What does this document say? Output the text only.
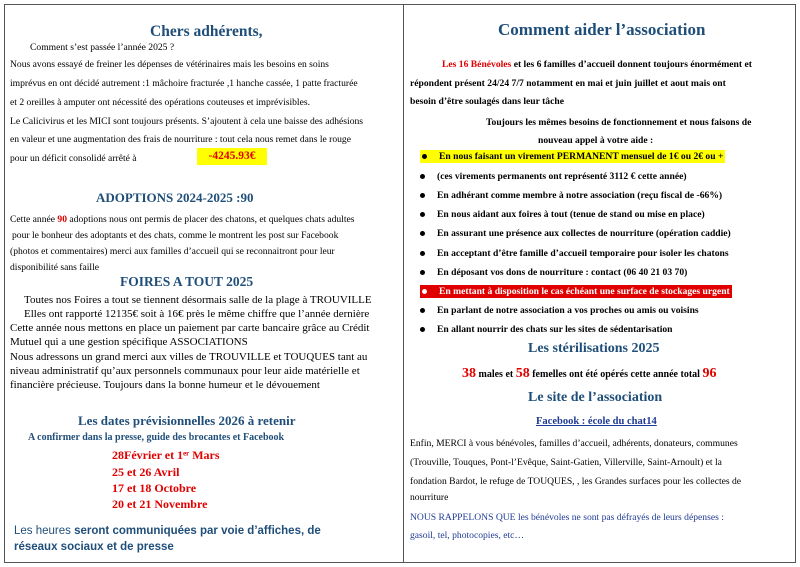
Chers adhérents,
Comment s’est passée l’année 2025 ?
Nous avons essayé de freiner les dépenses de vétérinaires mais les besoins en soins
imprévus en ont décidé autrement :1 mâchoire fracturée ,1 hanche cassée, 1 patte fracturée
et 2 oreilles à amputer ont nécessité des opérations couteuses et imprévisibles.
Le Calicivirus et les MICI sont toujours présents. S’ajoutent à cela une baisse des adhésions
en valeur et une augmentation des frais de nourriture : tout cela nous remet dans le rouge
pour un déficit consolidé arrêté à	-4245.93€
ADOPTIONS 2024-2025 :90
Cette année 90 adoptions nous ont permis de placer des chatons, et quelques chats adultes
pour le bonheur des adoptants et des chats, comme le montrent les post sur Facebook
(photos et commentaires) merci aux familles d’accueil qui se reconnaitront pour leur
disponibilité sans faille
FOIRES A TOUT 2025
Toutes nos Foires a tout se tiennent désormais salle de la plage à TROUVILLE
Elles ont rapporté 12135€ soit à 16€ près le même chiffre que l’année dernière
Cette année nous mettons en place un paiement par carte bancaire grâce au Crédit
Mutuel qui a une gestion spécifique ASSOCIATIONS
Nous adressons un grand merci aux villes de TROUVILLE et TOUQUES tant au
niveau administratif qu’aux personnels communaux pour leur aide matérielle et
financière précieuse. Toujours dans la bonne humeur et le dévouement
Les dates prévisionnelles 2026 à retenir
A confirmer dans la presse, guide des brocantes et Facebook
28Février et 1ᵉʳ Mars
25 et 26 Avril
17 et 18 Octobre
20 et 21 Novembre
Les heures seront communiquées par voie d’affiches, de
réseaux sociaux et de presse
Comment aider l’association
Les 16 Bénévoles et les 6 familles d’accueil donnent toujours énormément et
répondent présent 24/24 7/7 notamment en mai et juin juillet et aout mais ont
besoin d’être soulagés dans leur tâche
Toujours les mêmes besoins de fonctionnement et nous faisons de
nouveau appel à votre aide :
En nous faisant un virement PERMANENT mensuel de 1€ ou 2€ ou +
(ces virements permanents ont représenté 3112 € cette année)
En adhérant comme membre à notre association (reçu fiscal de -66%)
En nous aidant aux foires à tout (tenue de stand ou mise en place)
En assurant une présence aux collectes de nourriture (opération caddie)
En acceptant d’être famille d’accueil temporaire pour isoler les chatons
En déposant vos dons de nourriture : contact (06 40 21 03 70)
En mettant à disposition le cas échéant une surface de stockages urgent
En parlant de notre association a vos proches ou amis ou voisins
En allant nourrir des chats sur les sites de sédentarisation
Les stérilisations 2025
38 males et 58 femelles ont été opérés cette année total 96
Le site de l’association
Facebook : école du chat14
Enfin, MERCI à vous bénévoles, familles d’accueil, adhérents, donateurs, communes
(Trouville, Touques, Pont-l’Evêque, Saint-Gatien, Villerville, Saint-Arnoult) et la
fondation Bardot, le refuge de TOUQUES, , les Grandes surfaces pour les collectes de
nourriture
NOUS RAPPELONS QUE les bénévoles ne sont pas défrayés de leurs dépenses :
gasoil, tel, photocopies, etc…
